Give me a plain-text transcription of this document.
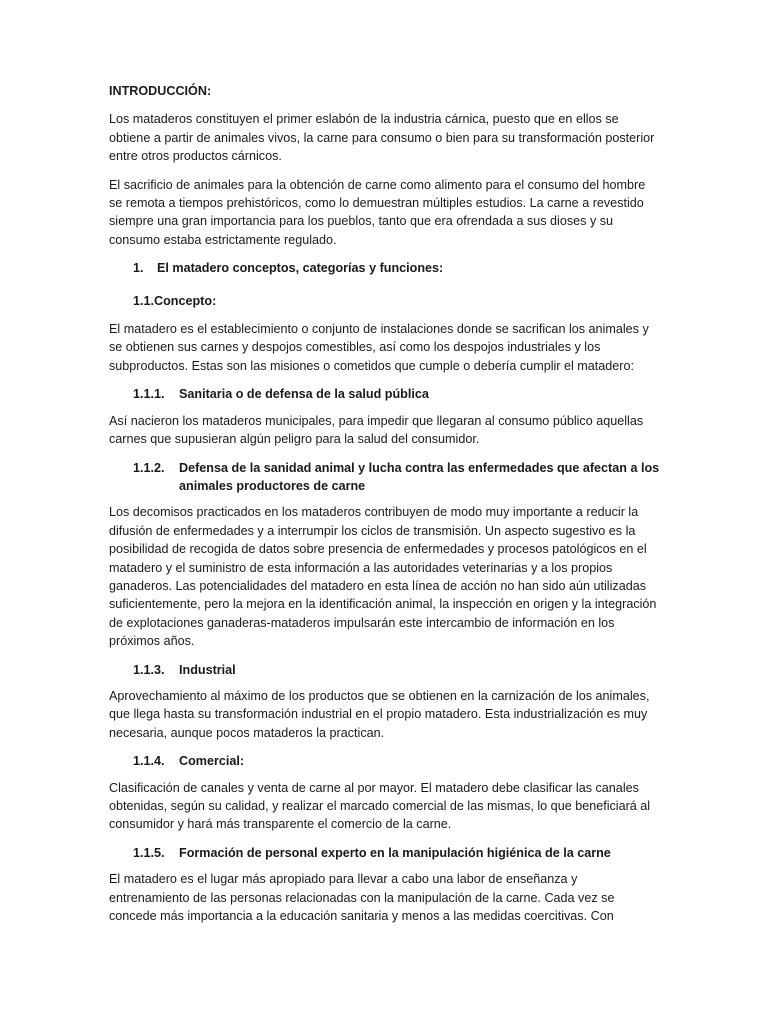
INTRODUCCIÓN:

Los mataderos constituyen el primer eslabón de la industria cárnica, puesto que en ellos se obtiene a partir de animales vivos, la carne para consumo o bien para su transformación posterior entre otros productos cárnicos.

El sacrificio de animales para la obtención de carne como alimento para el consumo del hombre se remota a tiempos prehistóricos, como lo demuestran múltiples estudios. La carne a revestido siempre una gran importancia para los pueblos, tanto que era ofrendada a sus dioses y su consumo estaba estrictamente regulado.

1.	El matadero conceptos, categorías y funciones:
1.1.Concepto:

El matadero es el establecimiento o conjunto de instalaciones donde se sacrifican los animales y se obtienen sus carnes y despojos comestibles, así como los despojos industriales y los subproductos. Estas son las misiones o cometidos que cumple o debería cumplir el matadero:

1.1.1.	Sanitaria o de defensa de la salud pública

Así nacieron los mataderos municipales, para impedir que llegaran al consumo público aquellas carnes que supusieran algún peligro para la salud del consumidor.

1.1.2.	Defensa de la sanidad animal y lucha contra las enfermedades que afectan a los animales productores de carne

Los decomisos practicados en los mataderos contribuyen de modo muy importante a reducir la difusión de enfermedades y a interrumpir los ciclos de transmisión. Un aspecto sugestivo es la posibilidad de recogida de datos sobre presencia de enfermedades y procesos patológicos en el matadero y el suministro de esta información a las autoridades veterinarias y a los propios ganaderos. Las potencialidades del matadero en esta línea de acción no han sido aún utilizadas suficientemente, pero la mejora en la identificación animal, la inspección en origen y la integración de explotaciones ganaderas-mataderos impulsarán este intercambio de información en los próximos años.

1.1.3.	Industrial

Aprovechamiento al máximo de los productos que se obtienen en la carnización de los animales, que llega hasta su transformación industrial en el propio matadero. Esta industrialización es muy necesaria, aunque pocos mataderos la practican.

1.1.4.	Comercial:

Clasificación de canales y venta de carne al por mayor. El matadero debe clasificar las canales obtenidas, según su calidad, y realizar el marcado comercial de las mismas, lo que beneficiará al consumidor y hará más transparente el comercio de la carne.

1.1.5.	Formación de personal experto en la manipulación higiénica de la carne

El matadero es el lugar más apropiado para llevar a cabo una labor de enseñanza y entrenamiento de las personas relacionadas con la manipulación de la carne. Cada vez se concede más importancia a la educación sanitaria y menos a las medidas coercitivas. Con
